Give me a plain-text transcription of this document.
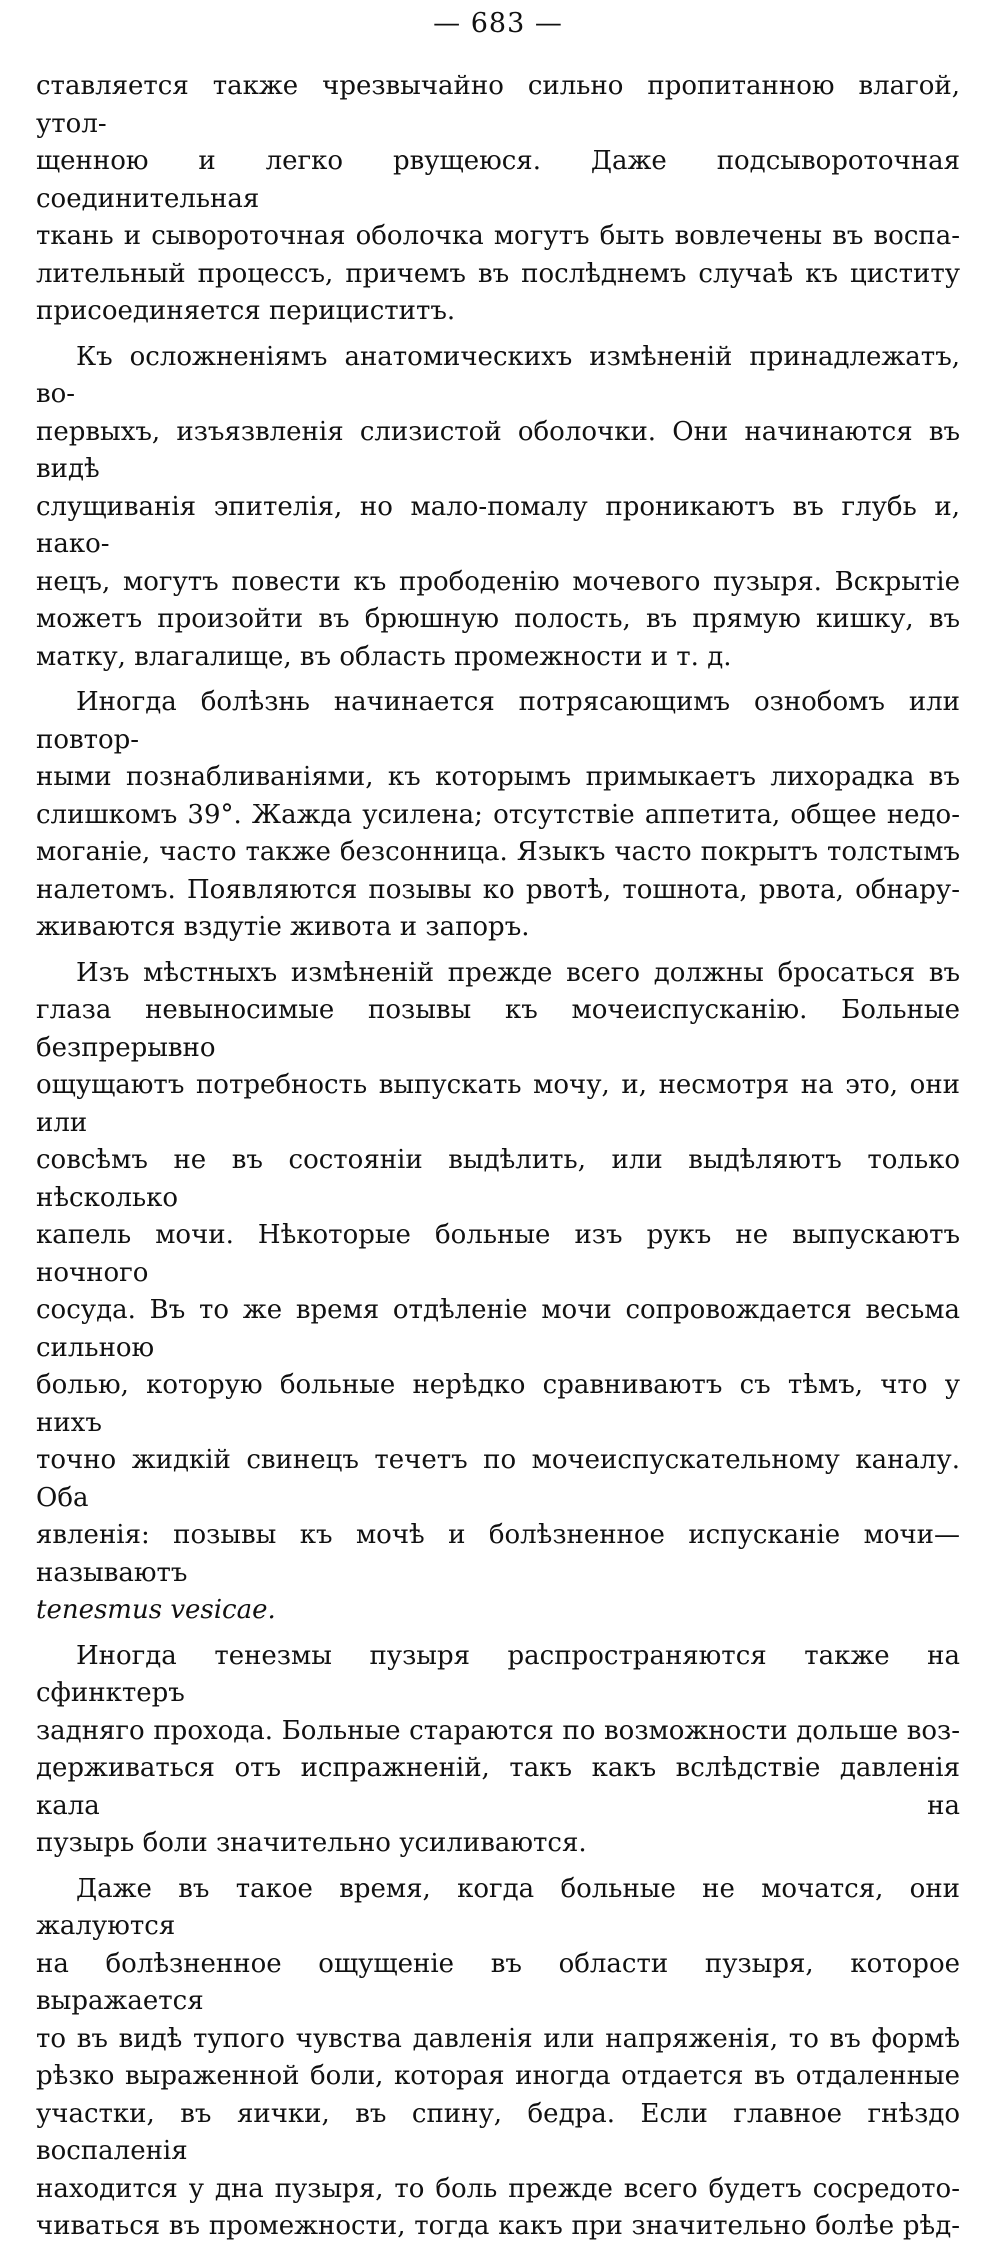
— 683 —
ставляется также чрезвычайно сильно пропитанною влагой, утол-
щенною и легко рвущеюся. Даже подсывороточная соединительная
ткань и сывороточная оболочка могутъ быть вовлечены въ воспа-
лительный процессъ, причемъ въ послѣднемъ случаѣ къ циститу
присоединяется перициститъ.
Къ осложненіямъ анатомическихъ измѣненій принадлежатъ, во-
первыхъ, изъязвленія слизистой оболочки. Они начинаются въ видѣ
слущиванія эпителія, но мало-помалу проникаютъ въ глубь и, нако-
нецъ, могутъ повести къ прободенію мочевого пузыря. Вскрытіе
можетъ произойти въ брюшную полость, въ прямую кишку, въ
матку, влагалище, въ область промежности и т. д.
Иногда болѣзнь начинается потрясающимъ ознобомъ или повтор-
ными познабливаніями, къ которымъ примыкаетъ лихорадка въ
слишкомъ 39°. Жажда усилена; отсутствіе аппетита, общее недо-
моганіе, часто также безсонница. Языкъ часто покрытъ толстымъ
налетомъ. Появляются позывы ко рвотѣ, тошнота, рвота, обнару-
живаются вздутіе живота и запоръ.
Изъ мѣстныхъ измѣненій прежде всего должны бросаться въ
глаза невыносимые позывы къ мочеиспусканію. Больные безпрерывно
ощущаютъ потребность выпускать мочу, и, несмотря на это, они или
совсѣмъ не въ состояніи выдѣлить, или выдѣляютъ только нѣсколько
капель мочи. Нѣкоторые больные изъ рукъ не выпускаютъ ночного
сосуда. Въ то же время отдѣленіе мочи сопровождается весьма сильною
болью, которую больные нерѣдко сравниваютъ съ тѣмъ, что у нихъ
точно жидкій свинецъ течетъ по мочеиспускательному каналу. Оба
явленія: позывы къ мочѣ и болѣзненное испусканіе мочи—называютъ
tenesmus vesicae.
Иногда тенезмы пузыря распространяются также на сфинктеръ
задняго прохода. Больные стараются по возможности дольше воз-
держиваться отъ испражненій, такъ какъ вслѣдствіе давленія кала на
пузырь боли значительно усиливаются.
Даже въ такое время, когда больные не мочатся, они жалуются
на болѣзненное ощущеніе въ области пузыря, которое выражается
то въ видѣ тупого чувства давленія или напряженія, то въ формѣ
рѣзко выраженной боли, которая иногда отдается въ отдаленные
участки, въ яички, въ спину, бедра. Если главное гнѣздо воспаленія
находится у дна пузыря, то боль прежде всего будетъ сосредото-
чиваться въ промежности, тогда какъ при значительно болѣе рѣд-
